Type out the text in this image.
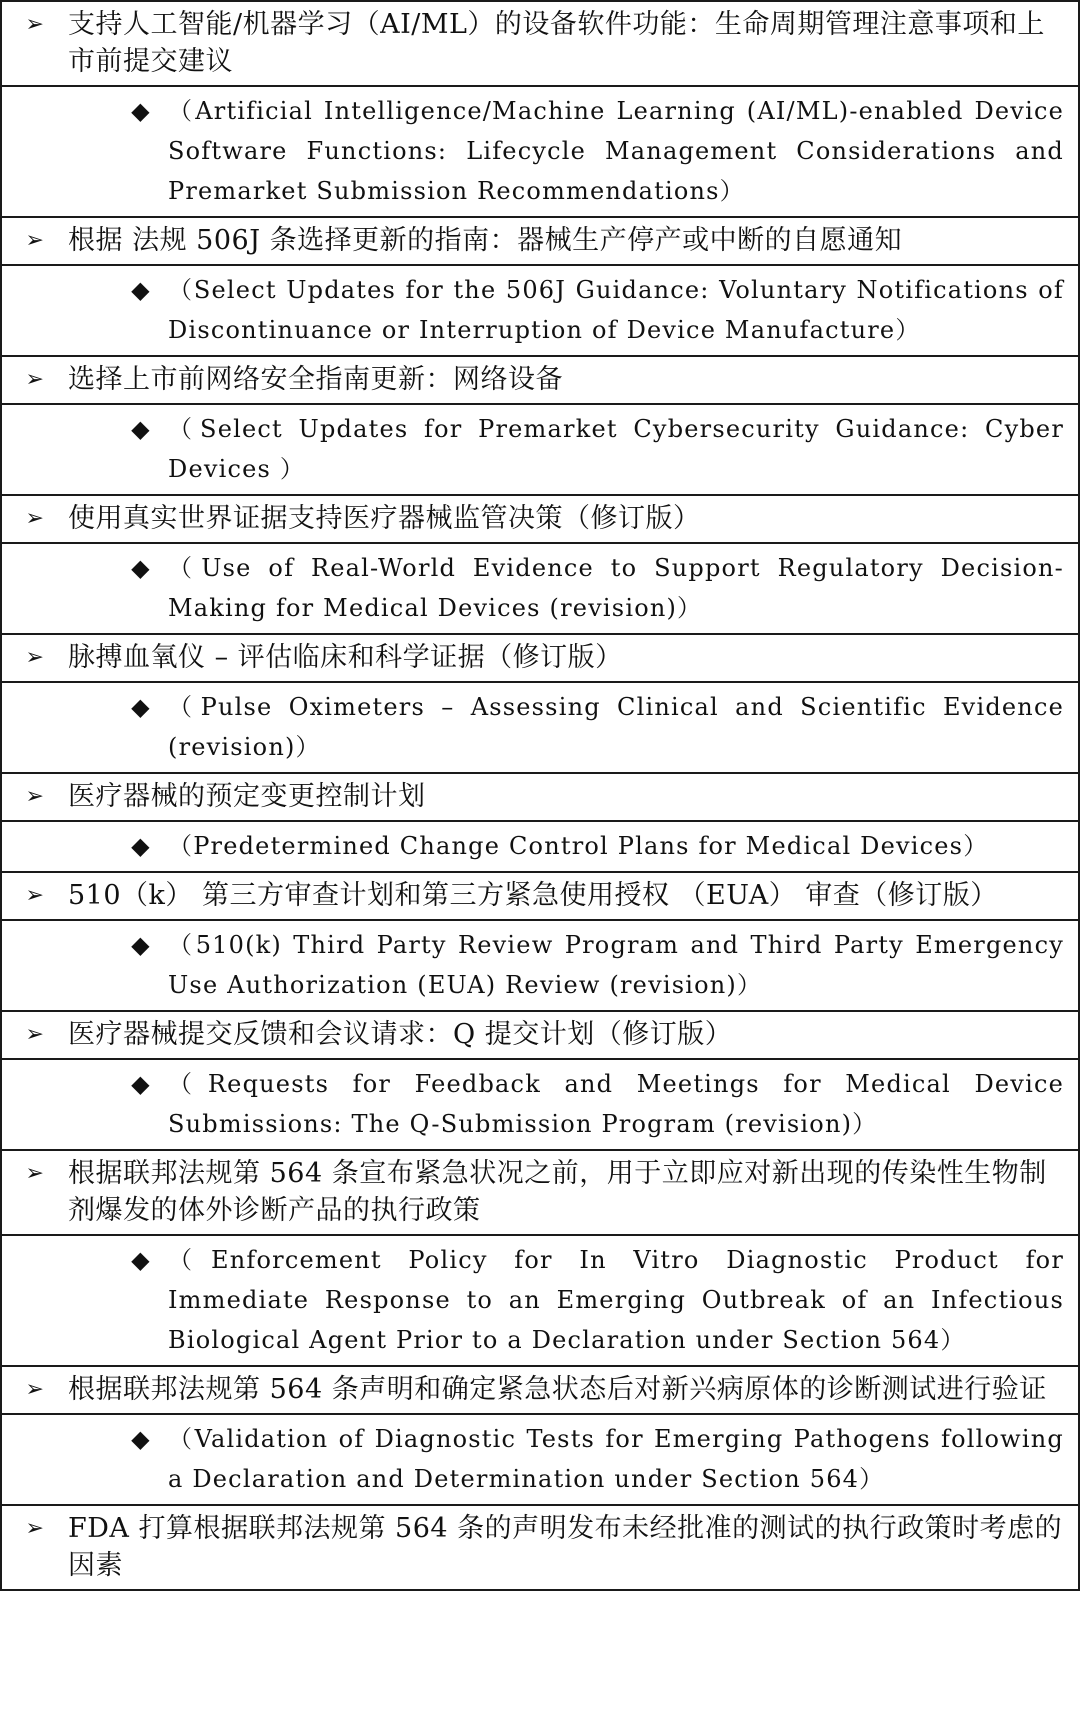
➢ 支持人工智能/机器学习（AI/ML）的设备软件功能：生命周期管理注意事项和上市前提交建议

◆ （Artificial Intelligence/Machine Learning (AI/ML)-enabled Device Software Functions: Lifecycle Management Considerations and Premarket Submission Recommendations）

➢ 根据 法规 506J 条选择更新的指南：器械生产停产或中断的自愿通知

◆ （Select Updates for the 506J Guidance: Voluntary Notifications of Discontinuance or Interruption of Device Manufacture）

➢ 选择上市前网络安全指南更新：网络设备

◆ （Select Updates for Premarket Cybersecurity Guidance: Cyber Devices ）

➢ 使用真实世界证据支持医疗器械监管决策（修订版）

◆ （Use of Real-World Evidence to Support Regulatory Decision-Making for Medical Devices (revision)）

➢ 脉搏血氧仪 – 评估临床和科学证据（修订版）

◆ （Pulse Oximeters – Assessing Clinical and Scientific Evidence (revision)）

➢ 医疗器械的预定变更控制计划

◆ （Predetermined Change Control Plans for Medical Devices）

➢ 510（k） 第三方审查计划和第三方紧急使用授权 （EUA） 审查（修订版）

◆ （510(k) Third Party Review Program and Third Party Emergency Use Authorization (EUA) Review (revision)）

➢ 医疗器械提交反馈和会议请求：Q 提交计划（修订版）

◆ （Requests for Feedback and Meetings for Medical Device Submissions: The Q-Submission Program (revision)）

➢ 根据联邦法规第 564 条宣布紧急状况之前，用于立即应对新出现的传染性生物制剂爆发的体外诊断产品的执行政策

◆ （Enforcement Policy for In Vitro Diagnostic Product for Immediate Response to an Emerging Outbreak of an Infectious Biological Agent Prior to a Declaration under Section 564）

➢ 根据联邦法规第 564 条声明和确定紧急状态后对新兴病原体的诊断测试进行验证

◆ （Validation of Diagnostic Tests for Emerging Pathogens following a Declaration and Determination under Section 564）

➢ FDA 打算根据联邦法规第 564 条的声明发布未经批准的测试的执行政策时考虑的因素
